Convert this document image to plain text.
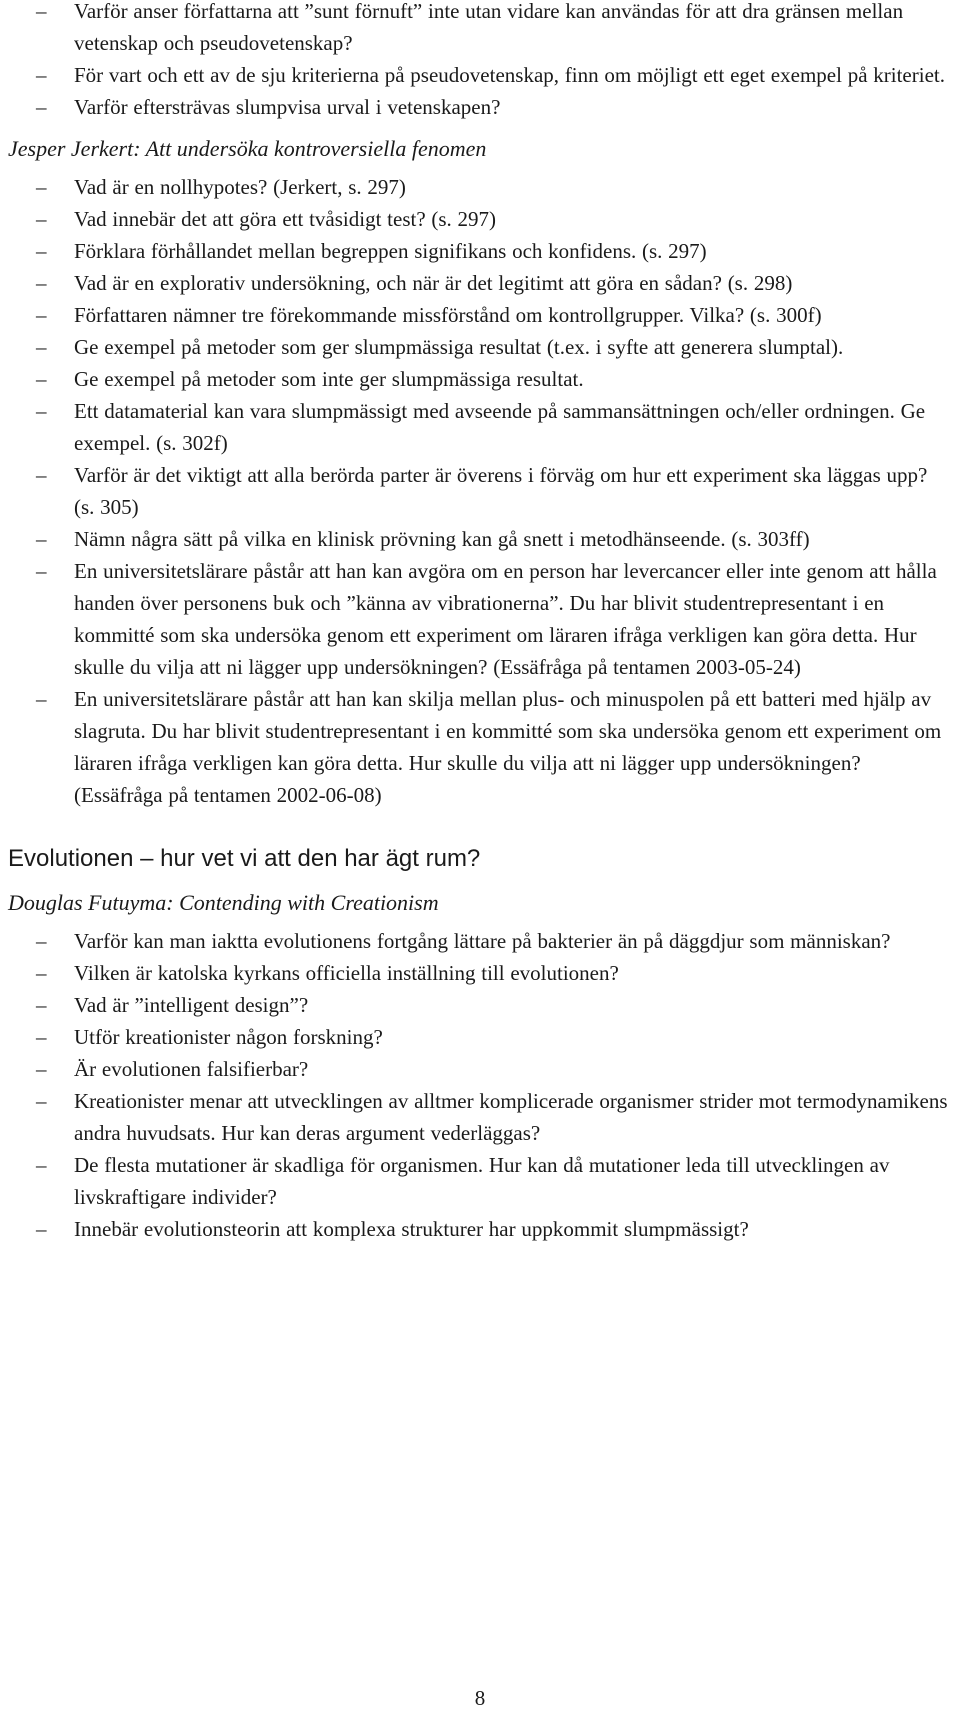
– Varför anser författarna att ”sunt förnuft” inte utan vidare kan användas för att dra gränsen mellan vetenskap och pseudovetenskap?
– För vart och ett av de sju kriterierna på pseudovetenskap, finn om möjligt ett eget exempel på kriteriet.
– Varför eftersträvas slumpvisa urval i vetenskapen?
Jesper Jerkert: Att undersöka kontroversiella fenomen
– Vad är en nollhypotes? (Jerkert, s. 297)
– Vad innebär det att göra ett tvåsidigt test? (s. 297)
– Förklara förhållandet mellan begreppen signifikans och konfidens. (s. 297)
– Vad är en explorativ undersökning, och när är det legitimt att göra en sådan? (s. 298)
– Författaren nämner tre förekommande missförstånd om kontrollgrupper. Vilka? (s. 300f)
– Ge exempel på metoder som ger slumpmässiga resultat (t.ex. i syfte att generera slumptal).
– Ge exempel på metoder som inte ger slumpmässiga resultat.
– Ett datamaterial kan vara slumpmässigt med avseende på sammansättningen och/eller ordningen. Ge exempel. (s. 302f)
– Varför är det viktigt att alla berörda parter är överens i förväg om hur ett experiment ska läggas upp? (s. 305)
– Nämn några sätt på vilka en klinisk prövning kan gå snett i metodhänseende. (s. 303ff)
– En universitetslärare påstår att han kan avgöra om en person har levercancer eller inte genom att hålla handen över personens buk och ”känna av vibrationerna”. Du har blivit studentrepresentant i en kommitté som ska undersöka genom ett experiment om läraren ifråga verkligen kan göra detta. Hur skulle du vilja att ni lägger upp undersökningen? (Essäfråga på tentamen 2003-05-24)
– En universitetslärare påstår att han kan skilja mellan plus- och minuspolen på ett batteri med hjälp av slagruta. Du har blivit studentrepresentant i en kommitté som ska undersöka genom ett experiment om läraren ifråga verkligen kan göra detta. Hur skulle du vilja att ni lägger upp undersökningen? (Essäfråga på tentamen 2002-06-08)
Evolutionen – hur vet vi att den har ägt rum?
Douglas Futuyma: Contending with Creationism
– Varför kan man iaktta evolutionens fortgång lättare på bakterier än på däggdjur som människan?
– Vilken är katolska kyrkans officiella inställning till evolutionen?
– Vad är ”intelligent design”?
– Utför kreationister någon forskning?
– Är evolutionen falsifierbar?
– Kreationister menar att utvecklingen av alltmer komplicerade organismer strider mot termodynamikens andra huvudsats. Hur kan deras argument vederläggas?
– De flesta mutationer är skadliga för organismen. Hur kan då mutationer leda till utvecklingen av livskraftigare individer?
– Innebär evolutionsteorin att komplexa strukturer har uppkommit slumpmässigt?
8
